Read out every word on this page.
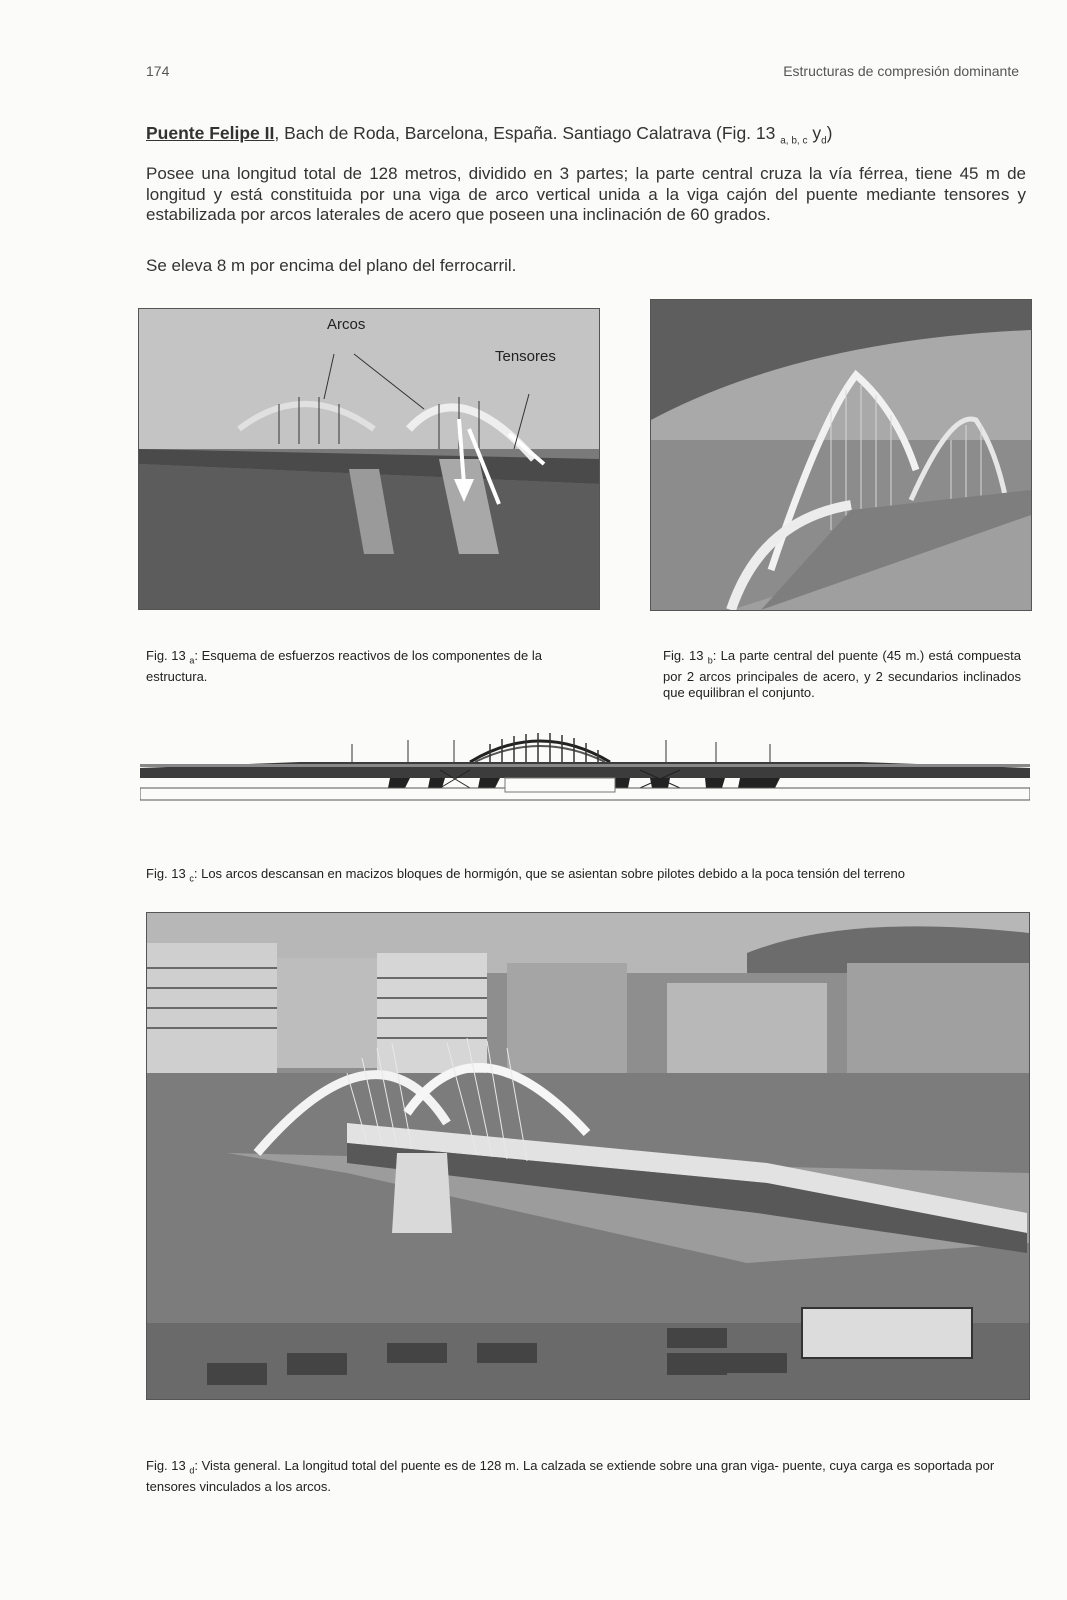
174	Estructuras de compresión dominante
Puente Felipe II, Bach de Roda, Barcelona, España. Santiago Calatrava (Fig. 13 $_{a, b, c}$ $y_d$)
Posee una longitud total de 128 metros, dividido en 3 partes; la parte central cruza la vía férrea, tiene 45 m de longitud y está constituida por una viga de arco vertical unida a la viga cajón del puente mediante tensores y estabilizada por arcos laterales de acero que poseen una inclinación de 60 grados.
Se eleva 8 m por encima del plano del ferrocarril.
Arcos
Tensores
Fig. 13 $_a$: Esquema de esfuerzos reactivos de los componentes de la estructura.
Fig. 13 $_b$: La parte central del puente (45 m.) está compuesta por 2 arcos principales de acero, y 2 secundarios inclinados que equilibran el conjunto.
Fig. 13 $_c$: Los arcos descansan en macizos bloques de hormigón, que se asientan sobre pilotes debido a la poca tensión del terreno
Fig. 13 $_d$: Vista general. La longitud total del puente es de 128 m. La calzada se extiende sobre una gran viga- puente, cuya carga es soportada por tensores vinculados a los arcos.
